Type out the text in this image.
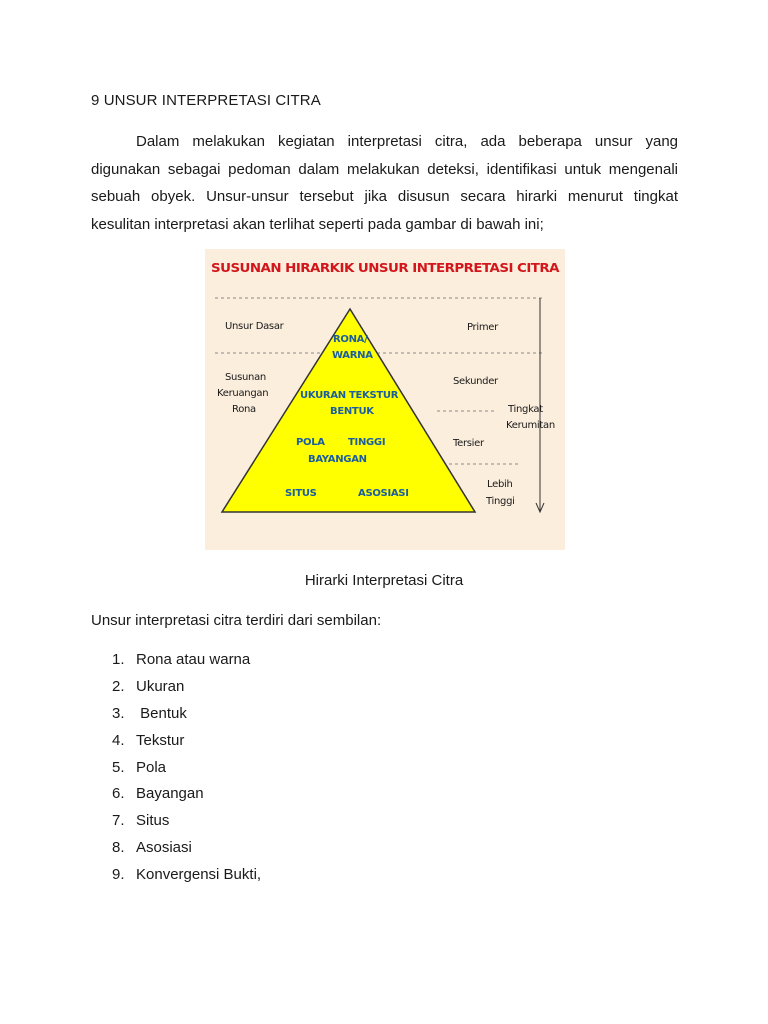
9 UNSUR INTERPRETASI CITRA

Dalam melakukan kegiatan interpretasi citra, ada beberapa unsur yang digunakan sebagai pedoman dalam melakukan deteksi, identifikasi untuk mengenali sebuah obyek. Unsur-unsur tersebut jika disusun secara hirarki menurut tingkat kesulitan interpretasi akan terlihat seperti pada gambar di bawah ini;

SUSUNAN HIRARKIK UNSUR INTERPRETASI CITRA
Unsur Dasar
Susunan
Keruangan
Rona
Primer
Sekunder
Tersier
Lebih
Tinggi
Tingkat
Kerumitan
RONA/
WARNA
UKURAN TEKSTUR
BENTUK
POLA TINGGI
BAYANGAN
SITUS	ASOSIASI

Hirarki Interpretasi Citra

Unsur interpretasi citra terdiri dari sembilan:

1. Rona atau warna
2. Ukuran
3. Bentuk
4. Tekstur
5. Pola
6. Bayangan
7. Situs
8. Asosiasi
9. Konvergensi Bukti,
